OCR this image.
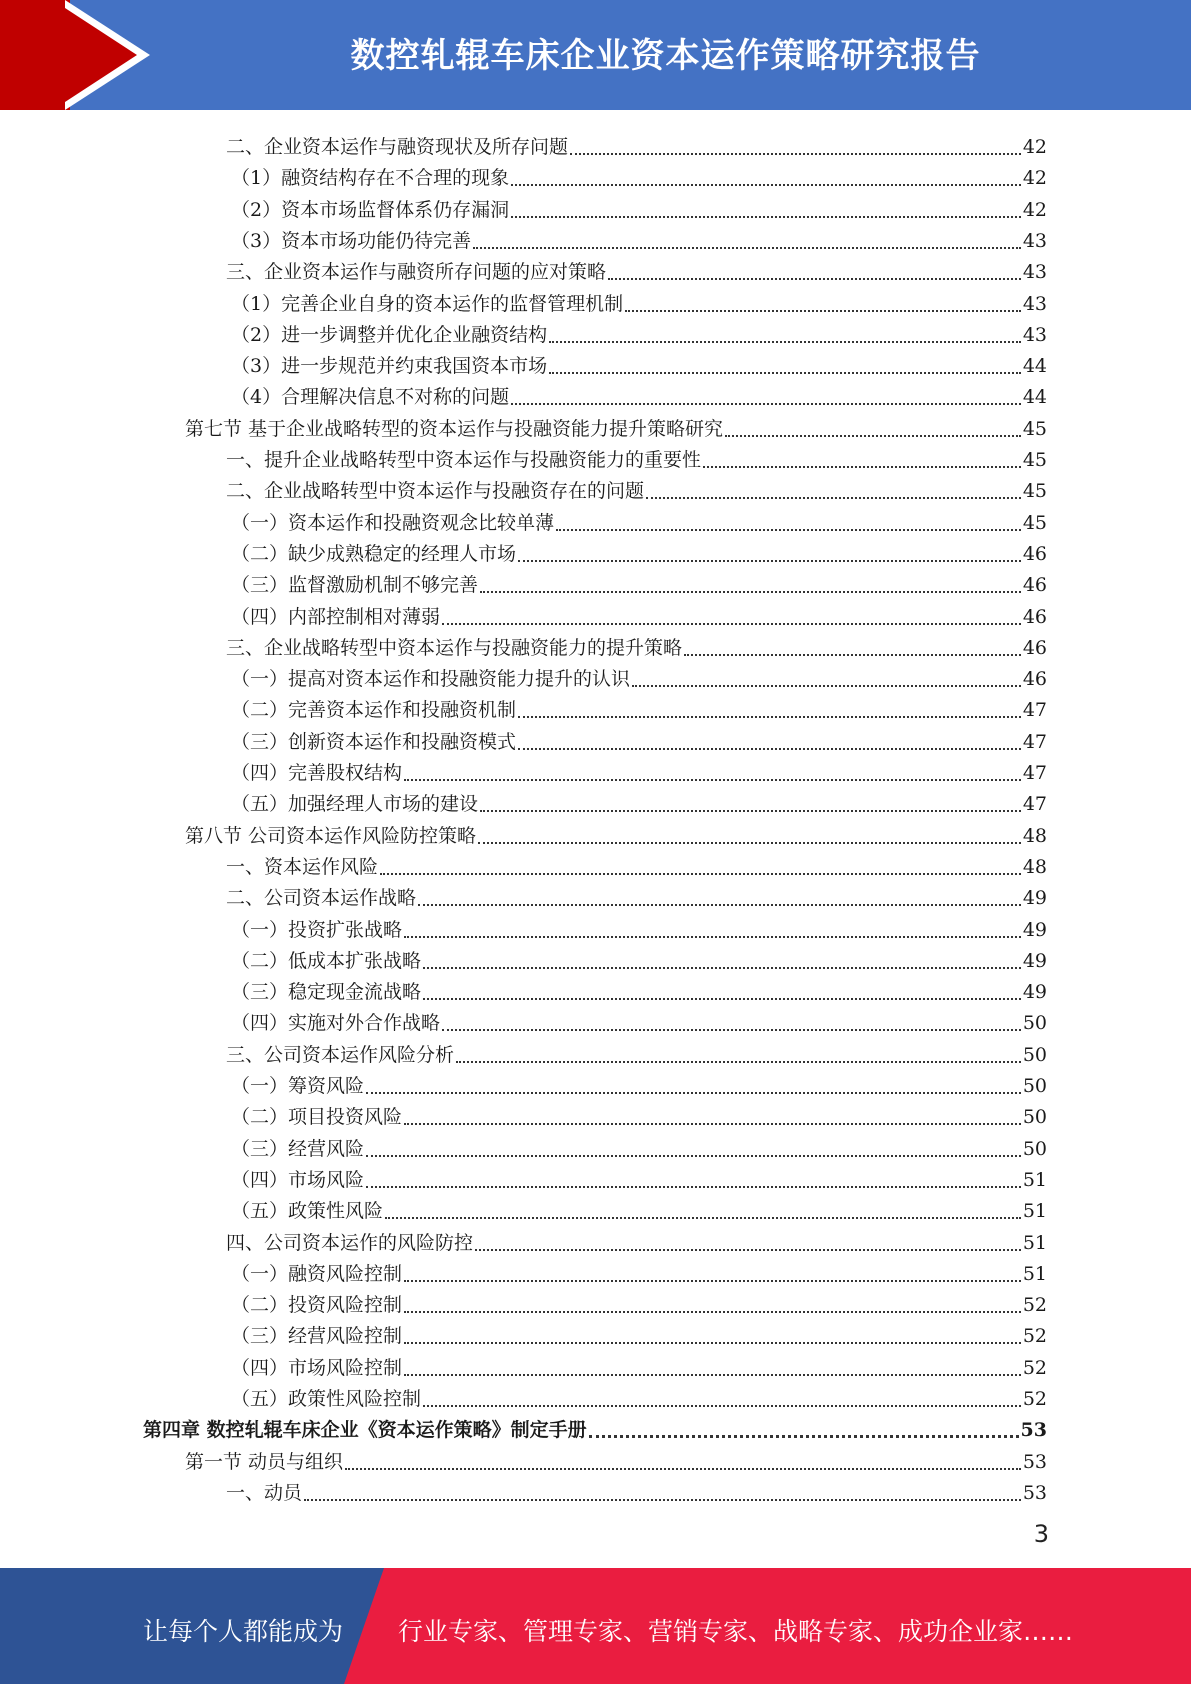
数控轧辊车床企业资本运作策略研究报告
二、企业资本运作与融资现状及所存问题	42
（1）融资结构存在不合理的现象	42
（2）资本市场监督体系仍存漏洞	42
（3）资本市场功能仍待完善	43
三、企业资本运作与融资所存问题的应对策略	43
（1）完善企业自身的资本运作的监督管理机制	43
（2）进一步调整并优化企业融资结构	43
（3）进一步规范并约束我国资本市场	44
（4）合理解决信息不对称的问题	44
第七节 基于企业战略转型的资本运作与投融资能力提升策略研究	45
一、提升企业战略转型中资本运作与投融资能力的重要性	45
二、企业战略转型中资本运作与投融资存在的问题	45
（一）资本运作和投融资观念比较单薄	45
（二）缺少成熟稳定的经理人市场	46
（三）监督激励机制不够完善	46
（四）内部控制相对薄弱	46
三、企业战略转型中资本运作与投融资能力的提升策略	46
（一）提高对资本运作和投融资能力提升的认识	46
（二）完善资本运作和投融资机制	47
（三）创新资本运作和投融资模式	47
（四）完善股权结构	47
（五）加强经理人市场的建设	47
第八节 公司资本运作风险防控策略	48
一、资本运作风险	48
二、公司资本运作战略	49
（一）投资扩张战略	49
（二）低成本扩张战略	49
（三）稳定现金流战略	49
（四）实施对外合作战略	50
三、公司资本运作风险分析	50
（一）筹资风险	50
（二）项目投资风险	50
（三）经营风险	50
（四）市场风险	51
（五）政策性风险	51
四、公司资本运作的风险防控	51
（一）融资风险控制	51
（二）投资风险控制	52
（三）经营风险控制	52
（四）市场风险控制	52
（五）政策性风险控制	52
第四章 数控轧辊车床企业《资本运作策略》制定手册	53
第一节 动员与组织	53
一、动员	53
3
让每个人都能成为 行业专家、管理专家、营销专家、战略专家、成功企业家……
